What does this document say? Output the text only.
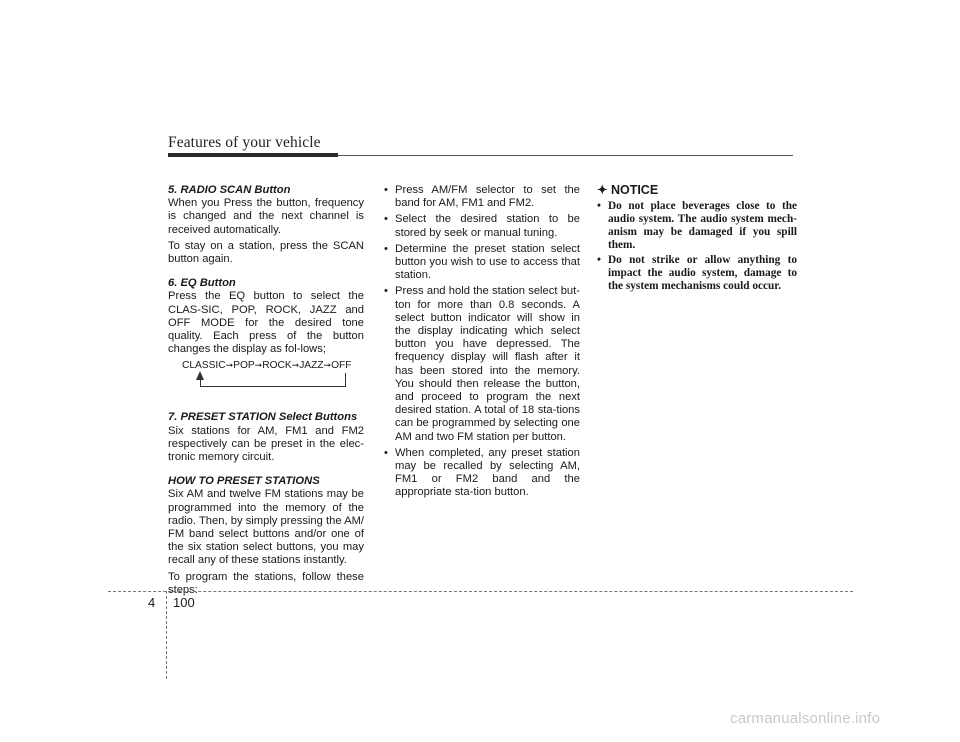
Features of your vehicle

5. RADIO SCAN Button

When you Press the button, frequency is changed and the next channel is received automatically.

To stay on a station, press the SCAN button again.

6. EQ Button

Press the EQ button to select the CLAS-SIC, POP, ROCK, JAZZ and OFF MODE for the desired tone quality. Each press of the button changes the display as fol-lows;

CLASSIC➞POP➞ROCK➞JAZZ➞OFF

7. PRESET STATION Select Buttons

Six stations for AM, FM1 and FM2 respectively can be preset in the elec-tronic memory circuit.

HOW TO PRESET STATIONS

Six AM and twelve FM stations may be programmed into the memory of the radio. Then, by simply pressing the AM/ FM band select buttons and/or one of the six station select buttons, you may recall any of these stations instantly.

To program the stations, follow these steps:

• Press AM/FM selector to set the band for AM, FM1 and FM2.
• Select the desired station to be stored by seek or manual tuning.
• Determine the preset station select button you wish to use to access that station.
• Press and hold the station select but-ton for more than 0.8 seconds. A select button indicator will show in the display indicating which select button you have depressed. The frequency display will flash after it has been stored into the memory. You should then release the button, and proceed to program the next desired station. A total of 18 sta-tions can be programmed by selecting one AM and two FM station per button.
• When completed, any preset station may be recalled by selecting AM, FM1 or FM2 band and the appropriate sta-tion button.

✦ NOTICE

• Do not place beverages close to the audio system. The audio system mech-anism may be damaged if you spill them.
• Do not strike or allow anything to impact the audio system, damage to the system mechanisms could occur.
4 100
carmanualsonline.info
